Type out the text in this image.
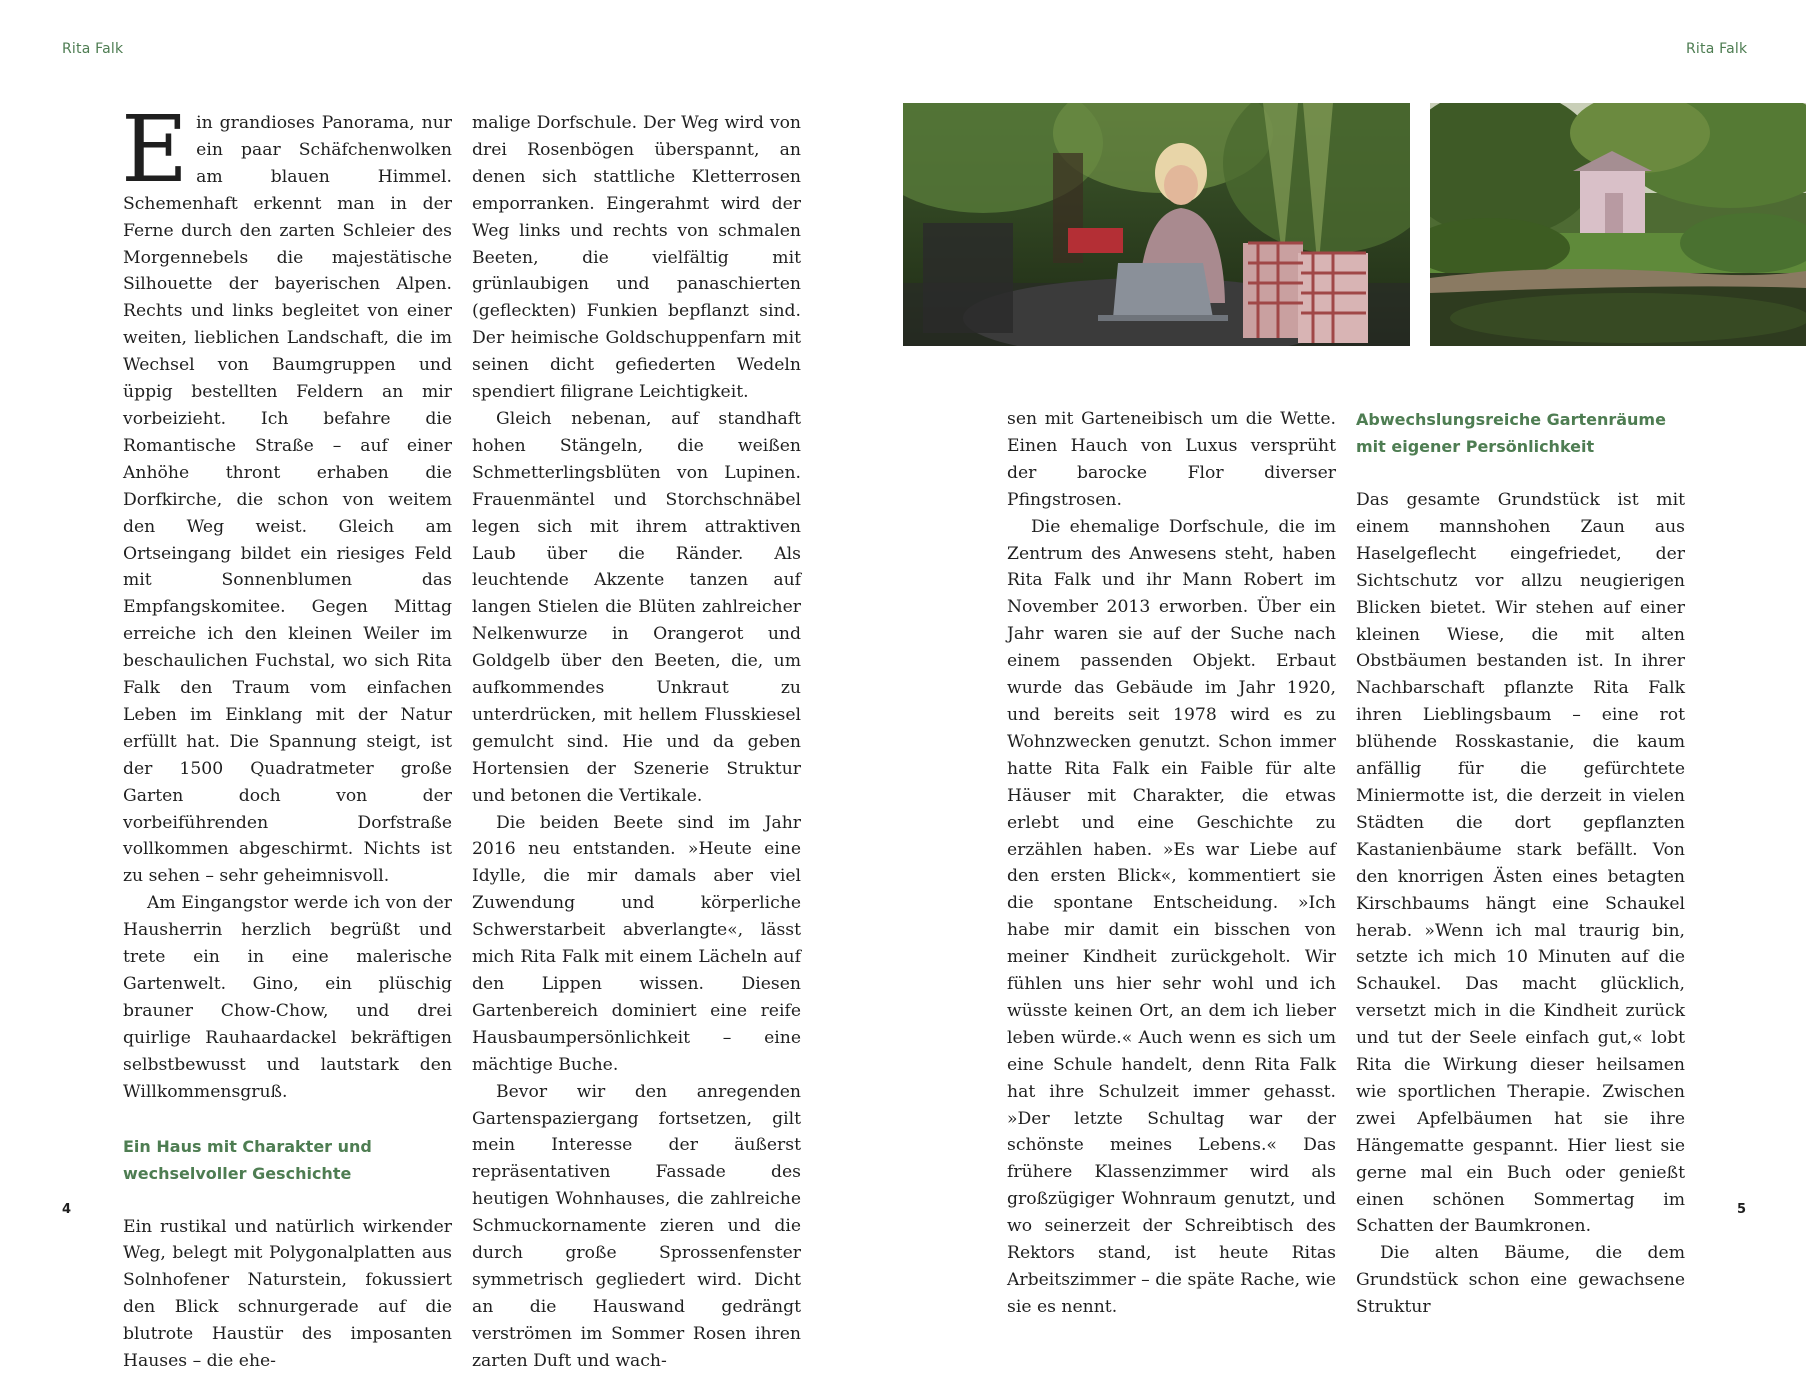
Rita Falk	Rita Falk

Ein grandioses Panorama, nur ein paar Schäfchenwolken am blauen Himmel. Schemenhaft erkennt man in der Ferne durch den zarten Schleier des Morgennebels die majestätische Silhouette der bayerischen Alpen. Rechts und links begleitet von einer weiten, lieblichen Landschaft, die im Wechsel von Baumgruppen und üppig bestellten Feldern an mir vorbeizieht. Ich befahre die Romantische Straße – auf einer Anhöhe thront erhaben die Dorfkirche, die schon von weitem den Weg weist. Gleich am Ortseingang bildet ein riesiges Feld mit Sonnenblumen das Empfangskomitee. Gegen Mittag erreiche ich den kleinen Weiler im beschaulichen Fuchstal, wo sich Rita Falk den Traum vom einfachen Leben im Einklang mit der Natur erfüllt hat. Die Spannung steigt, ist der 1500 Quadratmeter große Garten doch von der vorbeiführenden Dorfstraße vollkommen abgeschirmt. Nichts ist zu sehen – sehr geheimnisvoll.

Am Eingangstor werde ich von der Hausherrin herzlich begrüßt und trete ein in eine malerische Gartenwelt. Gino, ein plüschig brauner Chow-Chow, und drei quirlige Rauhaardackel bekräftigen selbstbewusst und lautstark den Willkommensgruß.

Ein Haus mit Charakter und wechselvoller Geschichte

Ein rustikal und natürlich wirkender Weg, belegt mit Polygonalplatten aus Solnhofener Naturstein, fokussiert den Blick schnurgerade auf die blutrote Haustür des imposanten Hauses – die ehe-

malige Dorfschule. Der Weg wird von drei Rosenbögen überspannt, an denen sich stattliche Kletterrosen emporranken. Eingerahmt wird der Weg links und rechts von schmalen Beeten, die vielfältig mit grünlaubigen und panaschierten (gefleckten) Funkien bepflanzt sind. Der heimische Goldschuppenfarn mit seinen dicht gefiederten Wedeln spendiert filigrane Leichtigkeit.

Gleich nebenan, auf standhaft hohen Stängeln, die weißen Schmetterlingsblüten von Lupinen. Frauenmäntel und Storchschnäbel legen sich mit ihrem attraktiven Laub über die Ränder. Als leuchtende Akzente tanzen auf langen Stielen die Blüten zahlreicher Nelkenwurze in Orangerot und Goldgelb über den Beeten, die, um aufkommendes Unkraut zu unterdrücken, mit hellem Flusskiesel gemulcht sind. Hie und da geben Hortensien der Szenerie Struktur und betonen die Vertikale.

Die beiden Beete sind im Jahr 2016 neu entstanden. »Heute eine Idylle, die mir damals aber viel Zuwendung und körperliche Schwerstarbeit abverlangte«, lässt mich Rita Falk mit einem Lächeln auf den Lippen wissen. Diesen Gartenbereich dominiert eine reife Hausbaumpersönlichkeit – eine mächtige Buche.

Bevor wir den anregenden Gartenspaziergang fortsetzen, gilt mein Interesse der äußerst repräsentativen Fassade des heutigen Wohnhauses, die zahlreiche Schmuckornamente zieren und die durch große Sprossenfenster symmetrisch gegliedert wird. Dicht an die Hauswand gedrängt verströmen im Sommer Rosen ihren zarten Duft und wach-

sen mit Garteneibisch um die Wette. Einen Hauch von Luxus versprüht der barocke Flor diverser Pfingstrosen.

Die ehemalige Dorfschule, die im Zentrum des Anwesens steht, haben Rita Falk und ihr Mann Robert im November 2013 erworben. Über ein Jahr waren sie auf der Suche nach einem passenden Objekt. Erbaut wurde das Gebäude im Jahr 1920, und bereits seit 1978 wird es zu Wohnzwecken genutzt. Schon immer hatte Rita Falk ein Faible für alte Häuser mit Charakter, die etwas erlebt und eine Geschichte zu erzählen haben. »Es war Liebe auf den ersten Blick«, kommentiert sie die spontane Entscheidung. »Ich habe mir damit ein bisschen von meiner Kindheit zurückgeholt. Wir fühlen uns hier sehr wohl und ich wüsste keinen Ort, an dem ich lieber leben würde.« Auch wenn es sich um eine Schule handelt, denn Rita Falk hat ihre Schulzeit immer gehasst. »Der letzte Schultag war der schönste meines Lebens.« Das frühere Klassenzimmer wird als großzügiger Wohnraum genutzt, und wo seinerzeit der Schreibtisch des Rektors stand, ist heute Ritas Arbeitszimmer – die späte Rache, wie sie es nennt.

Abwechslungsreiche Gartenräume mit eigener Persönlichkeit

Das gesamte Grundstück ist mit einem mannshohen Zaun aus Haselgeflecht eingefriedet, der Sichtschutz vor allzu neugierigen Blicken bietet. Wir stehen auf einer kleinen Wiese, die mit alten Obstbäumen bestanden ist. In ihrer Nachbarschaft pflanzte Rita Falk ihren Lieblingsbaum – eine rot blühende Rosskastanie, die kaum anfällig für die gefürchtete Miniermotte ist, die derzeit in vielen Städten die dort gepflanzten Kastanienbäume stark befällt. Von den knorrigen Ästen eines betagten Kirschbaums hängt eine Schaukel herab. »Wenn ich mal traurig bin, setzte ich mich 10 Minuten auf die Schaukel. Das macht glücklich, versetzt mich in die Kindheit zurück und tut der Seele einfach gut,« lobt Rita die Wirkung dieser heilsamen wie sportlichen Therapie. Zwischen zwei Apfelbäumen hat sie ihre Hängematte gespannt. Hier liest sie gerne mal ein Buch oder genießt einen schönen Sommertag im Schatten der Baumkronen.

Die alten Bäume, die dem Grundstück schon eine gewachsene Struktur

4	5
